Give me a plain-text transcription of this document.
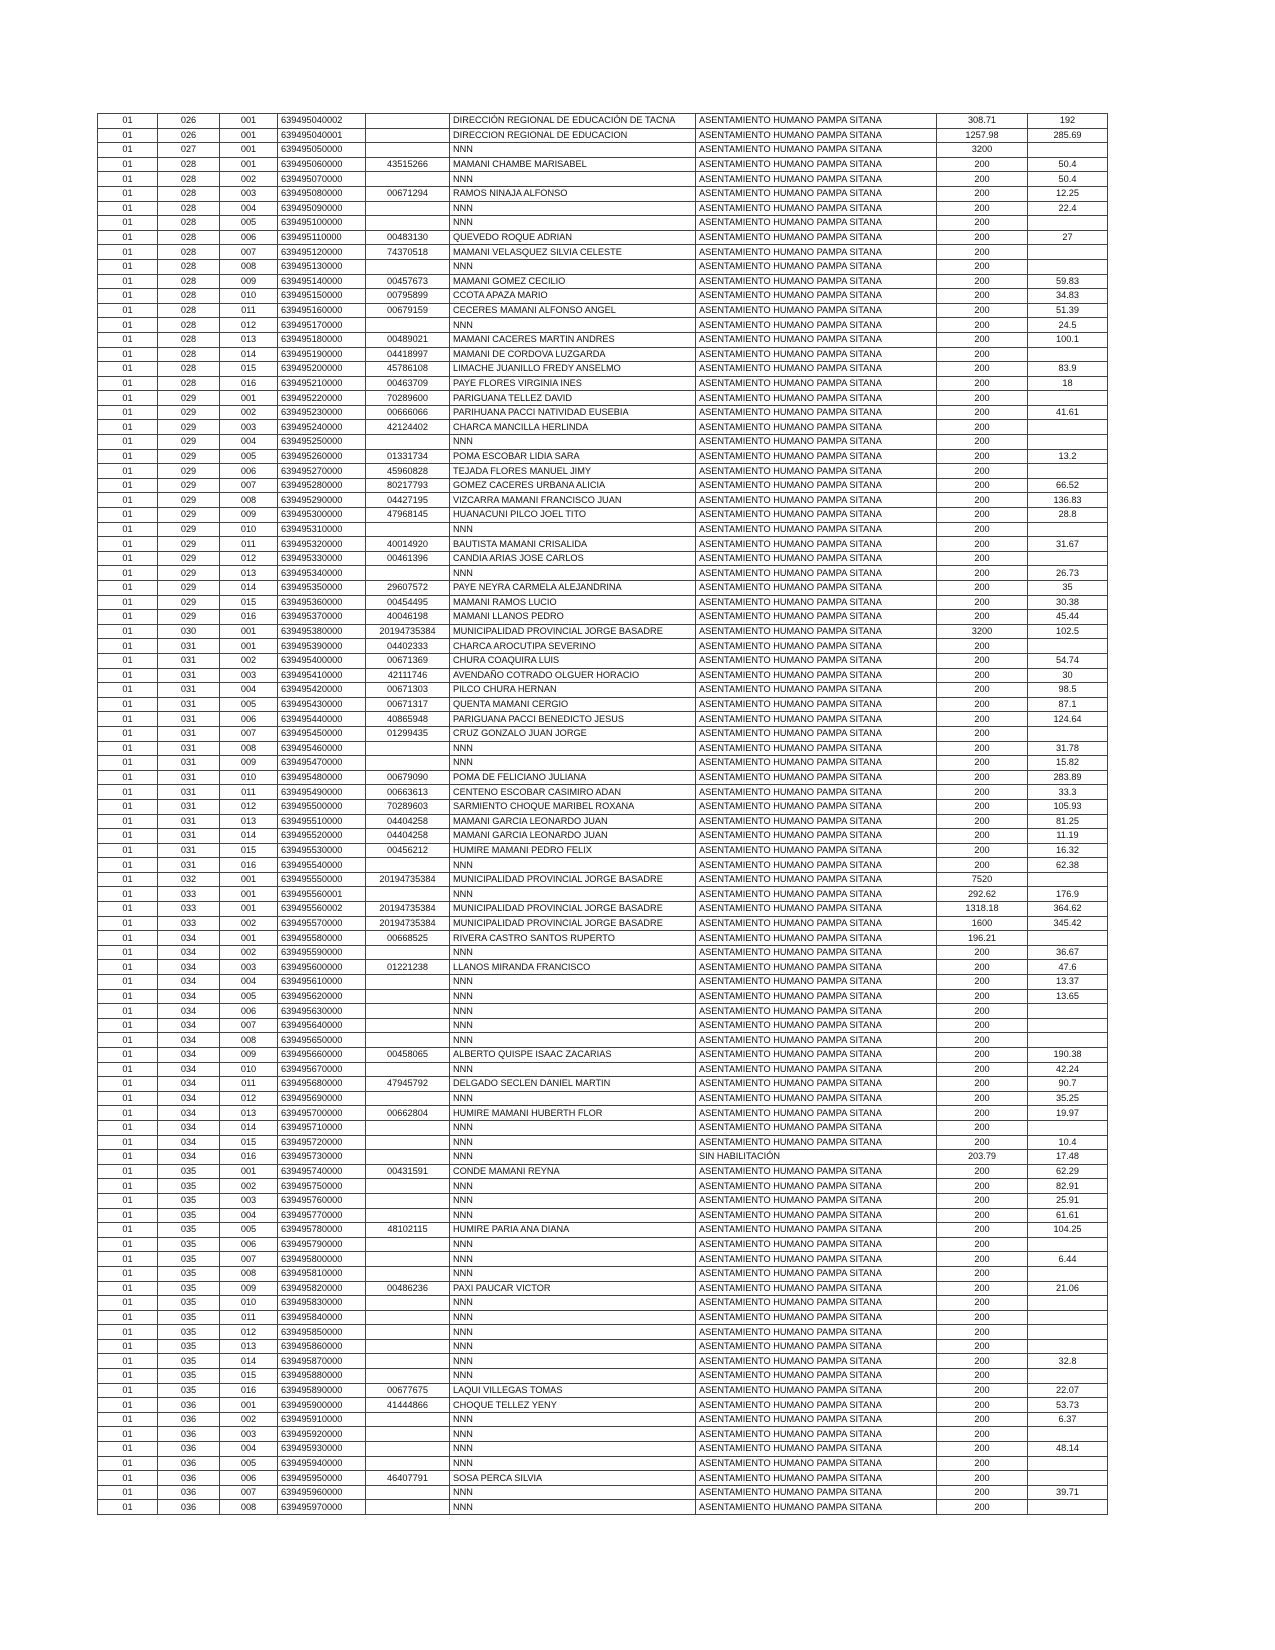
01	026	001	639495040002		DIRECCIÓN REGIONAL DE EDUCACIÓN DE TACNA	ASENTAMIENTO HUMANO PAMPA SITANA	308.71	192
01	026	001	639495040001		DIRECCION REGIONAL DE EDUCACION	ASENTAMIENTO HUMANO PAMPA SITANA	1257.98	285.69
01	027	001	639495050000		NNN	ASENTAMIENTO HUMANO PAMPA SITANA	3200	
01	028	001	639495060000	43515266	MAMANI CHAMBE MARISABEL	ASENTAMIENTO HUMANO PAMPA SITANA	200	50.4
01	028	002	639495070000		NNN	ASENTAMIENTO HUMANO PAMPA SITANA	200	50.4
01	028	003	639495080000	00671294	RAMOS NINAJA ALFONSO	ASENTAMIENTO HUMANO PAMPA SITANA	200	12.25
01	028	004	639495090000		NNN	ASENTAMIENTO HUMANO PAMPA SITANA	200	22.4
01	028	005	639495100000		NNN	ASENTAMIENTO HUMANO PAMPA SITANA	200	
01	028	006	639495110000	00483130	QUEVEDO ROQUE ADRIAN	ASENTAMIENTO HUMANO PAMPA SITANA	200	27
01	028	007	639495120000	74370518	MAMANI VELASQUEZ SILVIA CELESTE	ASENTAMIENTO HUMANO PAMPA SITANA	200	
01	028	008	639495130000		NNN	ASENTAMIENTO HUMANO PAMPA SITANA	200	
01	028	009	639495140000	00457673	MAMANI GOMEZ CECILIO	ASENTAMIENTO HUMANO PAMPA SITANA	200	59.83
01	028	010	639495150000	00795899	CCOTA APAZA MARIO	ASENTAMIENTO HUMANO PAMPA SITANA	200	34.83
01	028	011	639495160000	00679159	CECERES MAMANI ALFONSO ANGEL	ASENTAMIENTO HUMANO PAMPA SITANA	200	51.39
01	028	012	639495170000		NNN	ASENTAMIENTO HUMANO PAMPA SITANA	200	24.5
01	028	013	639495180000	00489021	MAMANI CACERES MARTIN ANDRES	ASENTAMIENTO HUMANO PAMPA SITANA	200	100.1
01	028	014	639495190000	04418997	MAMANI DE CORDOVA LUZGARDA	ASENTAMIENTO HUMANO PAMPA SITANA	200	
01	028	015	639495200000	45786108	LIMACHE JUANILLO FREDY ANSELMO	ASENTAMIENTO HUMANO PAMPA SITANA	200	83.9
01	028	016	639495210000	00463709	PAYE FLORES VIRGINIA INES	ASENTAMIENTO HUMANO PAMPA SITANA	200	18
01	029	001	639495220000	70289600	PARIGUANA TELLEZ DAVID	ASENTAMIENTO HUMANO PAMPA SITANA	200	
01	029	002	639495230000	00666066	PARIHUANA PACCI NATIVIDAD EUSEBIA	ASENTAMIENTO HUMANO PAMPA SITANA	200	41.61
01	029	003	639495240000	42124402	CHARCA MANCILLA HERLINDA	ASENTAMIENTO HUMANO PAMPA SITANA	200	
01	029	004	639495250000		NNN	ASENTAMIENTO HUMANO PAMPA SITANA	200	
01	029	005	639495260000	01331734	POMA ESCOBAR LIDIA SARA	ASENTAMIENTO HUMANO PAMPA SITANA	200	13.2
01	029	006	639495270000	45960828	TEJADA FLORES MANUEL JIMY	ASENTAMIENTO HUMANO PAMPA SITANA	200	
01	029	007	639495280000	80217793	GOMEZ CACERES URBANA ALICIA	ASENTAMIENTO HUMANO PAMPA SITANA	200	66.52
01	029	008	639495290000	04427195	VIZCARRA MAMANI FRANCISCO JUAN	ASENTAMIENTO HUMANO PAMPA SITANA	200	136.83
01	029	009	639495300000	47968145	HUANACUNI PILCO JOEL TITO	ASENTAMIENTO HUMANO PAMPA SITANA	200	28.8
01	029	010	639495310000		NNN	ASENTAMIENTO HUMANO PAMPA SITANA	200	
01	029	011	639495320000	40014920	BAUTISTA MAMANI CRISALIDA	ASENTAMIENTO HUMANO PAMPA SITANA	200	31.67
01	029	012	639495330000	00461396	CANDIA ARIAS JOSE CARLOS	ASENTAMIENTO HUMANO PAMPA SITANA	200	
01	029	013	639495340000		NNN	ASENTAMIENTO HUMANO PAMPA SITANA	200	26.73
01	029	014	639495350000	29607572	PAYE NEYRA CARMELA ALEJANDRINA	ASENTAMIENTO HUMANO PAMPA SITANA	200	35
01	029	015	639495360000	00454495	MAMANI RAMOS LUCIO	ASENTAMIENTO HUMANO PAMPA SITANA	200	30.38
01	029	016	639495370000	40046198	MAMANI LLANOS PEDRO	ASENTAMIENTO HUMANO PAMPA SITANA	200	45.44
01	030	001	639495380000	20194735384	MUNICIPALIDAD PROVINCIAL JORGE BASADRE	ASENTAMIENTO HUMANO PAMPA SITANA	3200	102.5
01	031	001	639495390000	04402333	CHARCA AROCUTIPA SEVERINO	ASENTAMIENTO HUMANO PAMPA SITANA	200	
01	031	002	639495400000	00671369	CHURA COAQUIRA LUIS	ASENTAMIENTO HUMANO PAMPA SITANA	200	54.74
01	031	003	639495410000	42111746	AVENDAÑO COTRADO OLGUER HORACIO	ASENTAMIENTO HUMANO PAMPA SITANA	200	30
01	031	004	639495420000	00671303	PILCO CHURA HERNAN	ASENTAMIENTO HUMANO PAMPA SITANA	200	98.5
01	031	005	639495430000	00671317	QUENTA MAMANI CERGIO	ASENTAMIENTO HUMANO PAMPA SITANA	200	87.1
01	031	006	639495440000	40865948	PARIGUANA PACCI BENEDICTO JESUS	ASENTAMIENTO HUMANO PAMPA SITANA	200	124.64
01	031	007	639495450000	01299435	CRUZ GONZALO JUAN JORGE	ASENTAMIENTO HUMANO PAMPA SITANA	200	
01	031	008	639495460000		NNN	ASENTAMIENTO HUMANO PAMPA SITANA	200	31.78
01	031	009	639495470000		NNN	ASENTAMIENTO HUMANO PAMPA SITANA	200	15.82
01	031	010	639495480000	00679090	POMA DE FELICIANO JULIANA	ASENTAMIENTO HUMANO PAMPA SITANA	200	283.89
01	031	011	639495490000	00663613	CENTENO ESCOBAR CASIMIRO ADAN	ASENTAMIENTO HUMANO PAMPA SITANA	200	33.3
01	031	012	639495500000	70289603	SARMIENTO CHOQUE MARIBEL ROXANA	ASENTAMIENTO HUMANO PAMPA SITANA	200	105.93
01	031	013	639495510000	04404258	MAMANI GARCIA LEONARDO JUAN	ASENTAMIENTO HUMANO PAMPA SITANA	200	81.25
01	031	014	639495520000	04404258	MAMANI GARCIA LEONARDO JUAN	ASENTAMIENTO HUMANO PAMPA SITANA	200	11.19
01	031	015	639495530000	00456212	HUMIRE MAMANI PEDRO FELIX	ASENTAMIENTO HUMANO PAMPA SITANA	200	16.32
01	031	016	639495540000		NNN	ASENTAMIENTO HUMANO PAMPA SITANA	200	62.38
01	032	001	639495550000	20194735384	MUNICIPALIDAD PROVINCIAL JORGE BASADRE	ASENTAMIENTO HUMANO PAMPA SITANA	7520	
01	033	001	639495560001		NNN	ASENTAMIENTO HUMANO PAMPA SITANA	292.62	176.9
01	033	001	639495560002	20194735384	MUNICIPALIDAD PROVINCIAL JORGE BASADRE	ASENTAMIENTO HUMANO PAMPA SITANA	1318.18	364.62
01	033	002	639495570000	20194735384	MUNICIPALIDAD PROVINCIAL JORGE BASADRE	ASENTAMIENTO HUMANO PAMPA SITANA	1600	345.42
01	034	001	639495580000	00668525	RIVERA CASTRO SANTOS RUPERTO	ASENTAMIENTO HUMANO PAMPA SITANA	196.21	
01	034	002	639495590000		NNN	ASENTAMIENTO HUMANO PAMPA SITANA	200	36.67
01	034	003	639495600000	01221238	LLANOS MIRANDA FRANCISCO	ASENTAMIENTO HUMANO PAMPA SITANA	200	47.6
01	034	004	639495610000		NNN	ASENTAMIENTO HUMANO PAMPA SITANA	200	13.37
01	034	005	639495620000		NNN	ASENTAMIENTO HUMANO PAMPA SITANA	200	13.65
01	034	006	639495630000		NNN	ASENTAMIENTO HUMANO PAMPA SITANA	200	
01	034	007	639495640000		NNN	ASENTAMIENTO HUMANO PAMPA SITANA	200	
01	034	008	639495650000		NNN	ASENTAMIENTO HUMANO PAMPA SITANA	200	
01	034	009	639495660000	00458065	ALBERTO QUISPE ISAAC ZACARIAS	ASENTAMIENTO HUMANO PAMPA SITANA	200	190.38
01	034	010	639495670000		NNN	ASENTAMIENTO HUMANO PAMPA SITANA	200	42.24
01	034	011	639495680000	47945792	DELGADO SECLEN DANIEL MARTIN	ASENTAMIENTO HUMANO PAMPA SITANA	200	90.7
01	034	012	639495690000		NNN	ASENTAMIENTO HUMANO PAMPA SITANA	200	35.25
01	034	013	639495700000	00662804	HUMIRE MAMANI HUBERTH FLOR	ASENTAMIENTO HUMANO PAMPA SITANA	200	19.97
01	034	014	639495710000		NNN	ASENTAMIENTO HUMANO PAMPA SITANA	200	
01	034	015	639495720000		NNN	ASENTAMIENTO HUMANO PAMPA SITANA	200	10.4
01	034	016	639495730000		NNN	SIN HABILITACIÓN	203.79	17.48
01	035	001	639495740000	00431591	CONDE MAMANI REYNA	ASENTAMIENTO HUMANO PAMPA SITANA	200	62.29
01	035	002	639495750000		NNN	ASENTAMIENTO HUMANO PAMPA SITANA	200	82.91
01	035	003	639495760000		NNN	ASENTAMIENTO HUMANO PAMPA SITANA	200	25.91
01	035	004	639495770000		NNN	ASENTAMIENTO HUMANO PAMPA SITANA	200	61.61
01	035	005	639495780000	48102115	HUMIRE PARIA ANA DIANA	ASENTAMIENTO HUMANO PAMPA SITANA	200	104.25
01	035	006	639495790000		NNN	ASENTAMIENTO HUMANO PAMPA SITANA	200	
01	035	007	639495800000		NNN	ASENTAMIENTO HUMANO PAMPA SITANA	200	6.44
01	035	008	639495810000		NNN	ASENTAMIENTO HUMANO PAMPA SITANA	200	
01	035	009	639495820000	00486236	PAXI PAUCAR VICTOR	ASENTAMIENTO HUMANO PAMPA SITANA	200	21.06
01	035	010	639495830000		NNN	ASENTAMIENTO HUMANO PAMPA SITANA	200	
01	035	011	639495840000		NNN	ASENTAMIENTO HUMANO PAMPA SITANA	200	
01	035	012	639495850000		NNN	ASENTAMIENTO HUMANO PAMPA SITANA	200	
01	035	013	639495860000		NNN	ASENTAMIENTO HUMANO PAMPA SITANA	200	
01	035	014	639495870000		NNN	ASENTAMIENTO HUMANO PAMPA SITANA	200	32.8
01	035	015	639495880000		NNN	ASENTAMIENTO HUMANO PAMPA SITANA	200	
01	035	016	639495890000	00677675	LAQUI VILLEGAS TOMAS	ASENTAMIENTO HUMANO PAMPA SITANA	200	22.07
01	036	001	639495900000	41444866	CHOQUE TELLEZ YENY	ASENTAMIENTO HUMANO PAMPA SITANA	200	53.73
01	036	002	639495910000		NNN	ASENTAMIENTO HUMANO PAMPA SITANA	200	6.37
01	036	003	639495920000		NNN	ASENTAMIENTO HUMANO PAMPA SITANA	200	
01	036	004	639495930000		NNN	ASENTAMIENTO HUMANO PAMPA SITANA	200	48.14
01	036	005	639495940000		NNN	ASENTAMIENTO HUMANO PAMPA SITANA	200	
01	036	006	639495950000	46407791	SOSA PERCA SILVIA	ASENTAMIENTO HUMANO PAMPA SITANA	200	
01	036	007	639495960000		NNN	ASENTAMIENTO HUMANO PAMPA SITANA	200	39.71
01	036	008	639495970000		NNN	ASENTAMIENTO HUMANO PAMPA SITANA	200	
